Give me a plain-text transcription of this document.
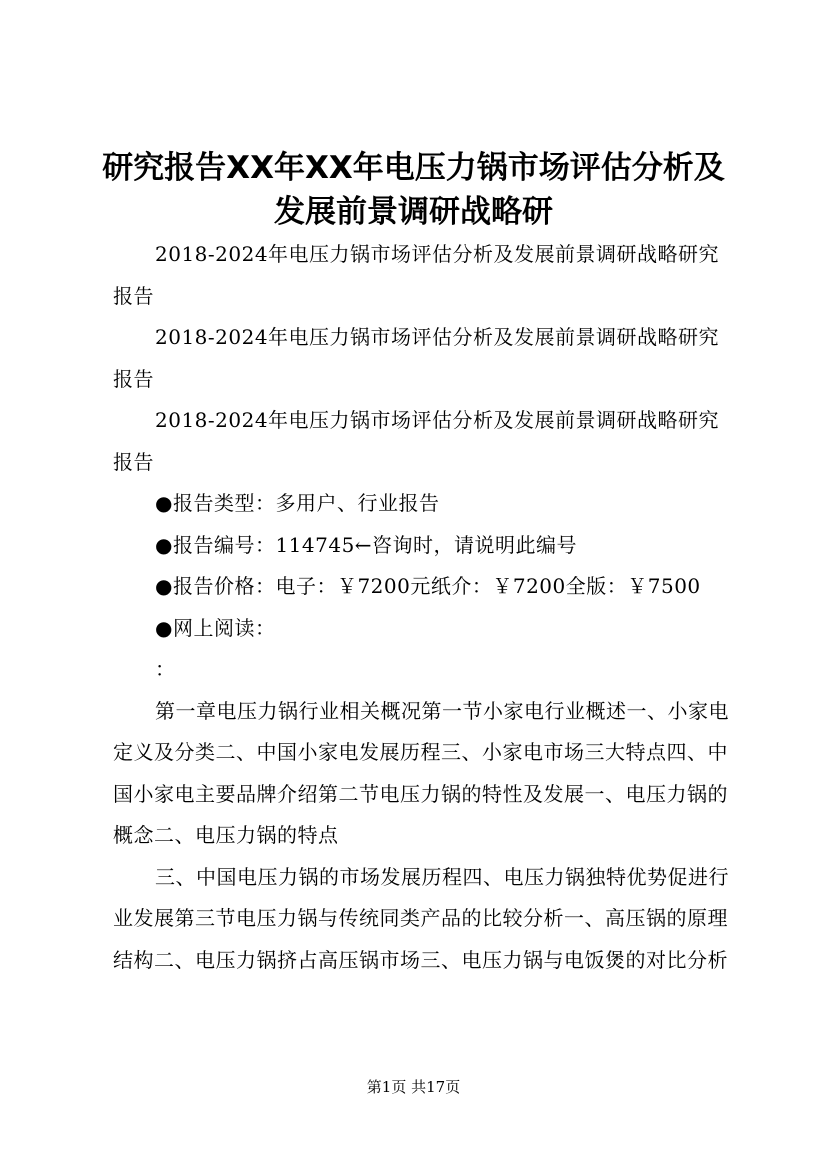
研究报告XX年XX年电压力锅市场评估分析及
发展前景调研战略研

2018-2024年电压力锅市场评估分析及发展前景调研战略研究报告

2018-2024年电压力锅市场评估分析及发展前景调研战略研究报告

2018-2024年电压力锅市场评估分析及发展前景调研战略研究报告

●报告类型：多用户、行业报告

●报告编号：114745←咨询时，请说明此编号

●报告价格：电子：￥7200元纸介：￥7200全版：￥7500

●网上阅读：

：

第一章电压力锅行业相关概况第一节小家电行业概述一、小家电定义及分类二、中国小家电发展历程三、小家电市场三大特点四、中国小家电主要品牌介绍第二节电压力锅的特性及发展一、电压力锅的概念二、电压力锅的特点

三、中国电压力锅的市场发展历程四、电压力锅独特优势促进行业发展第三节电压力锅与传统同类产品的比较分析一、高压锅的原理结构二、电压力锅挤占高压锅市场三、电压力锅与电饭煲的对比分析

第1页 共17页
